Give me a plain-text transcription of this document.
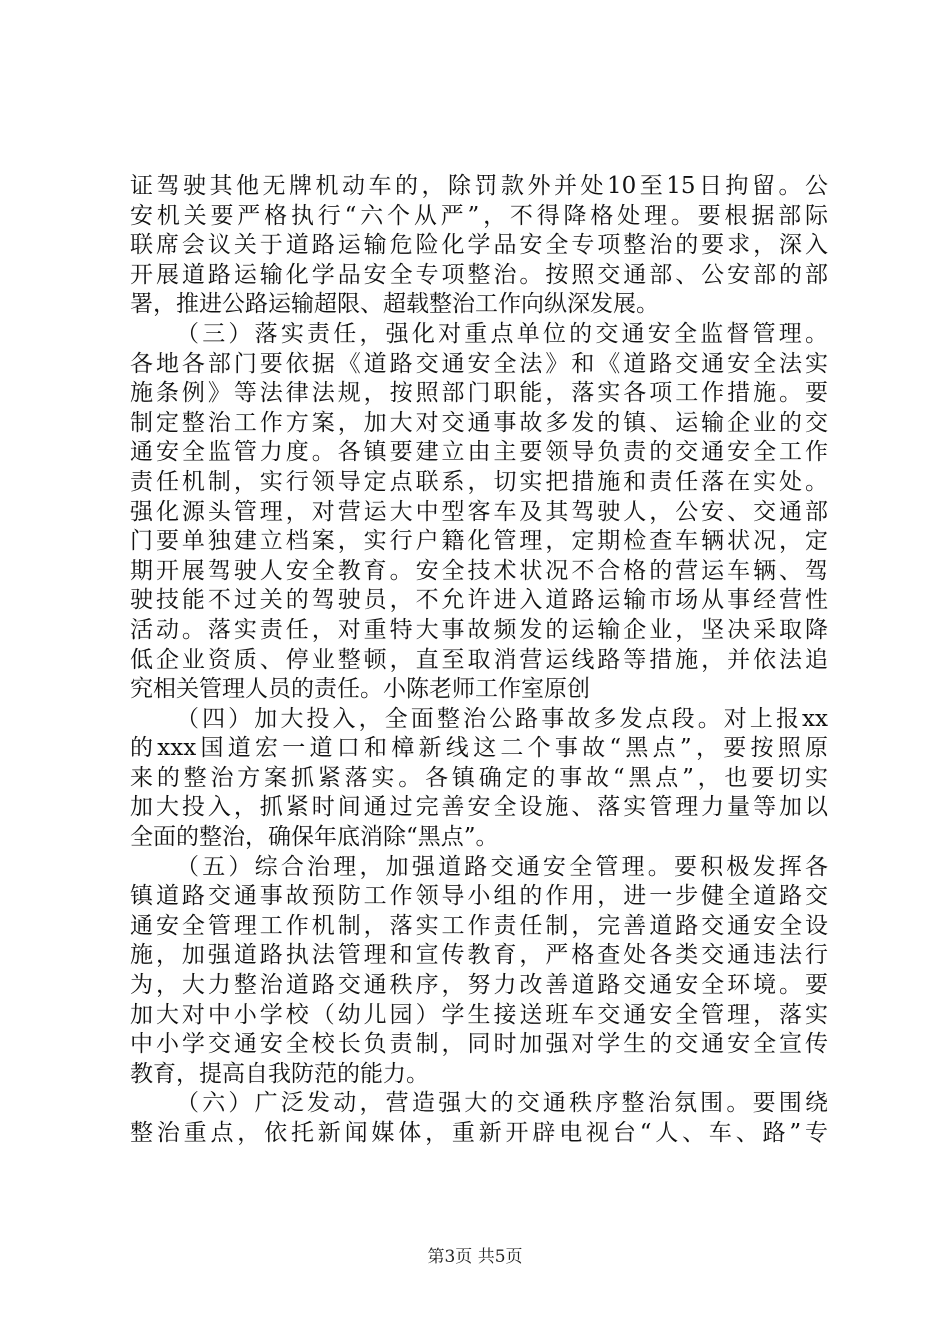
证驾驶其他无牌机动车的，除罚款外并处10至15日拘留。公
安机关要严格执行“六个从严”，不得降格处理。要根据部际
联席会议关于道路运输危险化学品安全专项整治的要求，深入
开展道路运输化学品安全专项整治。按照交通部、公安部的部
署，推进公路运输超限、超载整治工作向纵深发展。
（三）落实责任，强化对重点单位的交通安全监督管理。
各地各部门要依据《道路交通安全法》和《道路交通安全法实
施条例》等法律法规，按照部门职能，落实各项工作措施。要
制定整治工作方案，加大对交通事故多发的镇、运输企业的交
通安全监管力度。各镇要建立由主要领导负责的交通安全工作
责任机制，实行领导定点联系，切实把措施和责任落在实处。
强化源头管理，对营运大中型客车及其驾驶人，公安、交通部
门要单独建立档案，实行户籍化管理，定期检查车辆状况，定
期开展驾驶人安全教育。安全技术状况不合格的营运车辆、驾
驶技能不过关的驾驶员，不允许进入道路运输市场从事经营性
活动。落实责任，对重特大事故频发的运输企业，坚决采取降
低企业资质、停业整顿，直至取消营运线路等措施，并依法追
究相关管理人员的责任。小陈老师工作室原创
（四）加大投入，全面整治公路事故多发点段。对上报xx
的xxx国道宏一道口和樟新线这二个事故“黑点”，要按照原
来的整治方案抓紧落实。各镇确定的事故“黑点”，也要切实
加大投入，抓紧时间通过完善安全设施、落实管理力量等加以
全面的整治，确保年底消除“黑点”。
（五）综合治理，加强道路交通安全管理。要积极发挥各
镇道路交通事故预防工作领导小组的作用，进一步健全道路交
通安全管理工作机制，落实工作责任制，完善道路交通安全设
施，加强道路执法管理和宣传教育，严格查处各类交通违法行
为，大力整治道路交通秩序，努力改善道路交通安全环境。要
加大对中小学校（幼儿园）学生接送班车交通安全管理，落实
中小学交通安全校长负责制，同时加强对学生的交通安全宣传
教育，提高自我防范的能力。
（六）广泛发动，营造强大的交通秩序整治氛围。要围绕
整治重点，依托新闻媒体，重新开辟电视台“人、车、路”专
第3页 共5页
